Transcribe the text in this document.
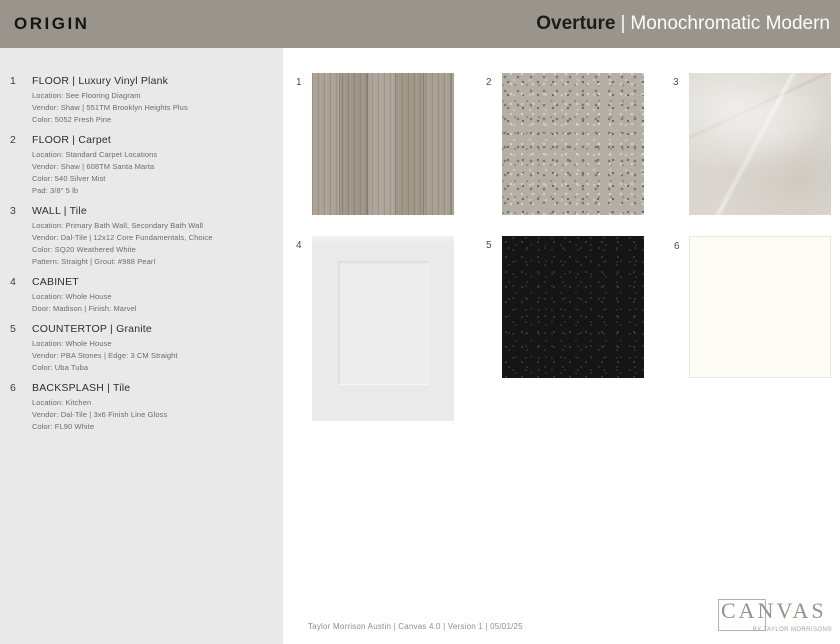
ORIGIN	Overture | Monochromatic Modern
1	FLOOR | Luxury Vinyl Plank
Location: See Flooring Diagram
Vendor: Shaw | 551TM Brooklyn Heights Plus
Color: 5052 Fresh Pine
2	FLOOR | Carpet
Location: Standard Carpet Locations
Vendor: Shaw | 608TM Santa Marta
Color: 540 Silver Mist
Pad: 3/8" 5 lb
3	WALL | Tile
Location: Primary Bath Wall, Secondary Bath Wall
Vendor: Dal-Tile | 12x12 Core Fundamentals, Choice
Color: SQ20 Weathered White
Pattern: Straight | Grout: #988 Pearl
4	CABINET
Location: Whole House
Door: Madison | Finish: Marvel
5	COUNTERTOP | Granite
Location: Whole House
Vendor: PBA Stones | Edge: 3 CM Straight
Color: Uba Tuba
6	BACKSPLASH | Tile
Location: Kitchen
Vendor: Dal-Tile | 3x6 Finish Line Gloss
Color: FL90 White
1	2	3
4	5	6
Taylor Morrison Austin | Canvas 4.0 | Version 1 | 05/01/25
CANVAS
BY TAYLOR MORRISON®
